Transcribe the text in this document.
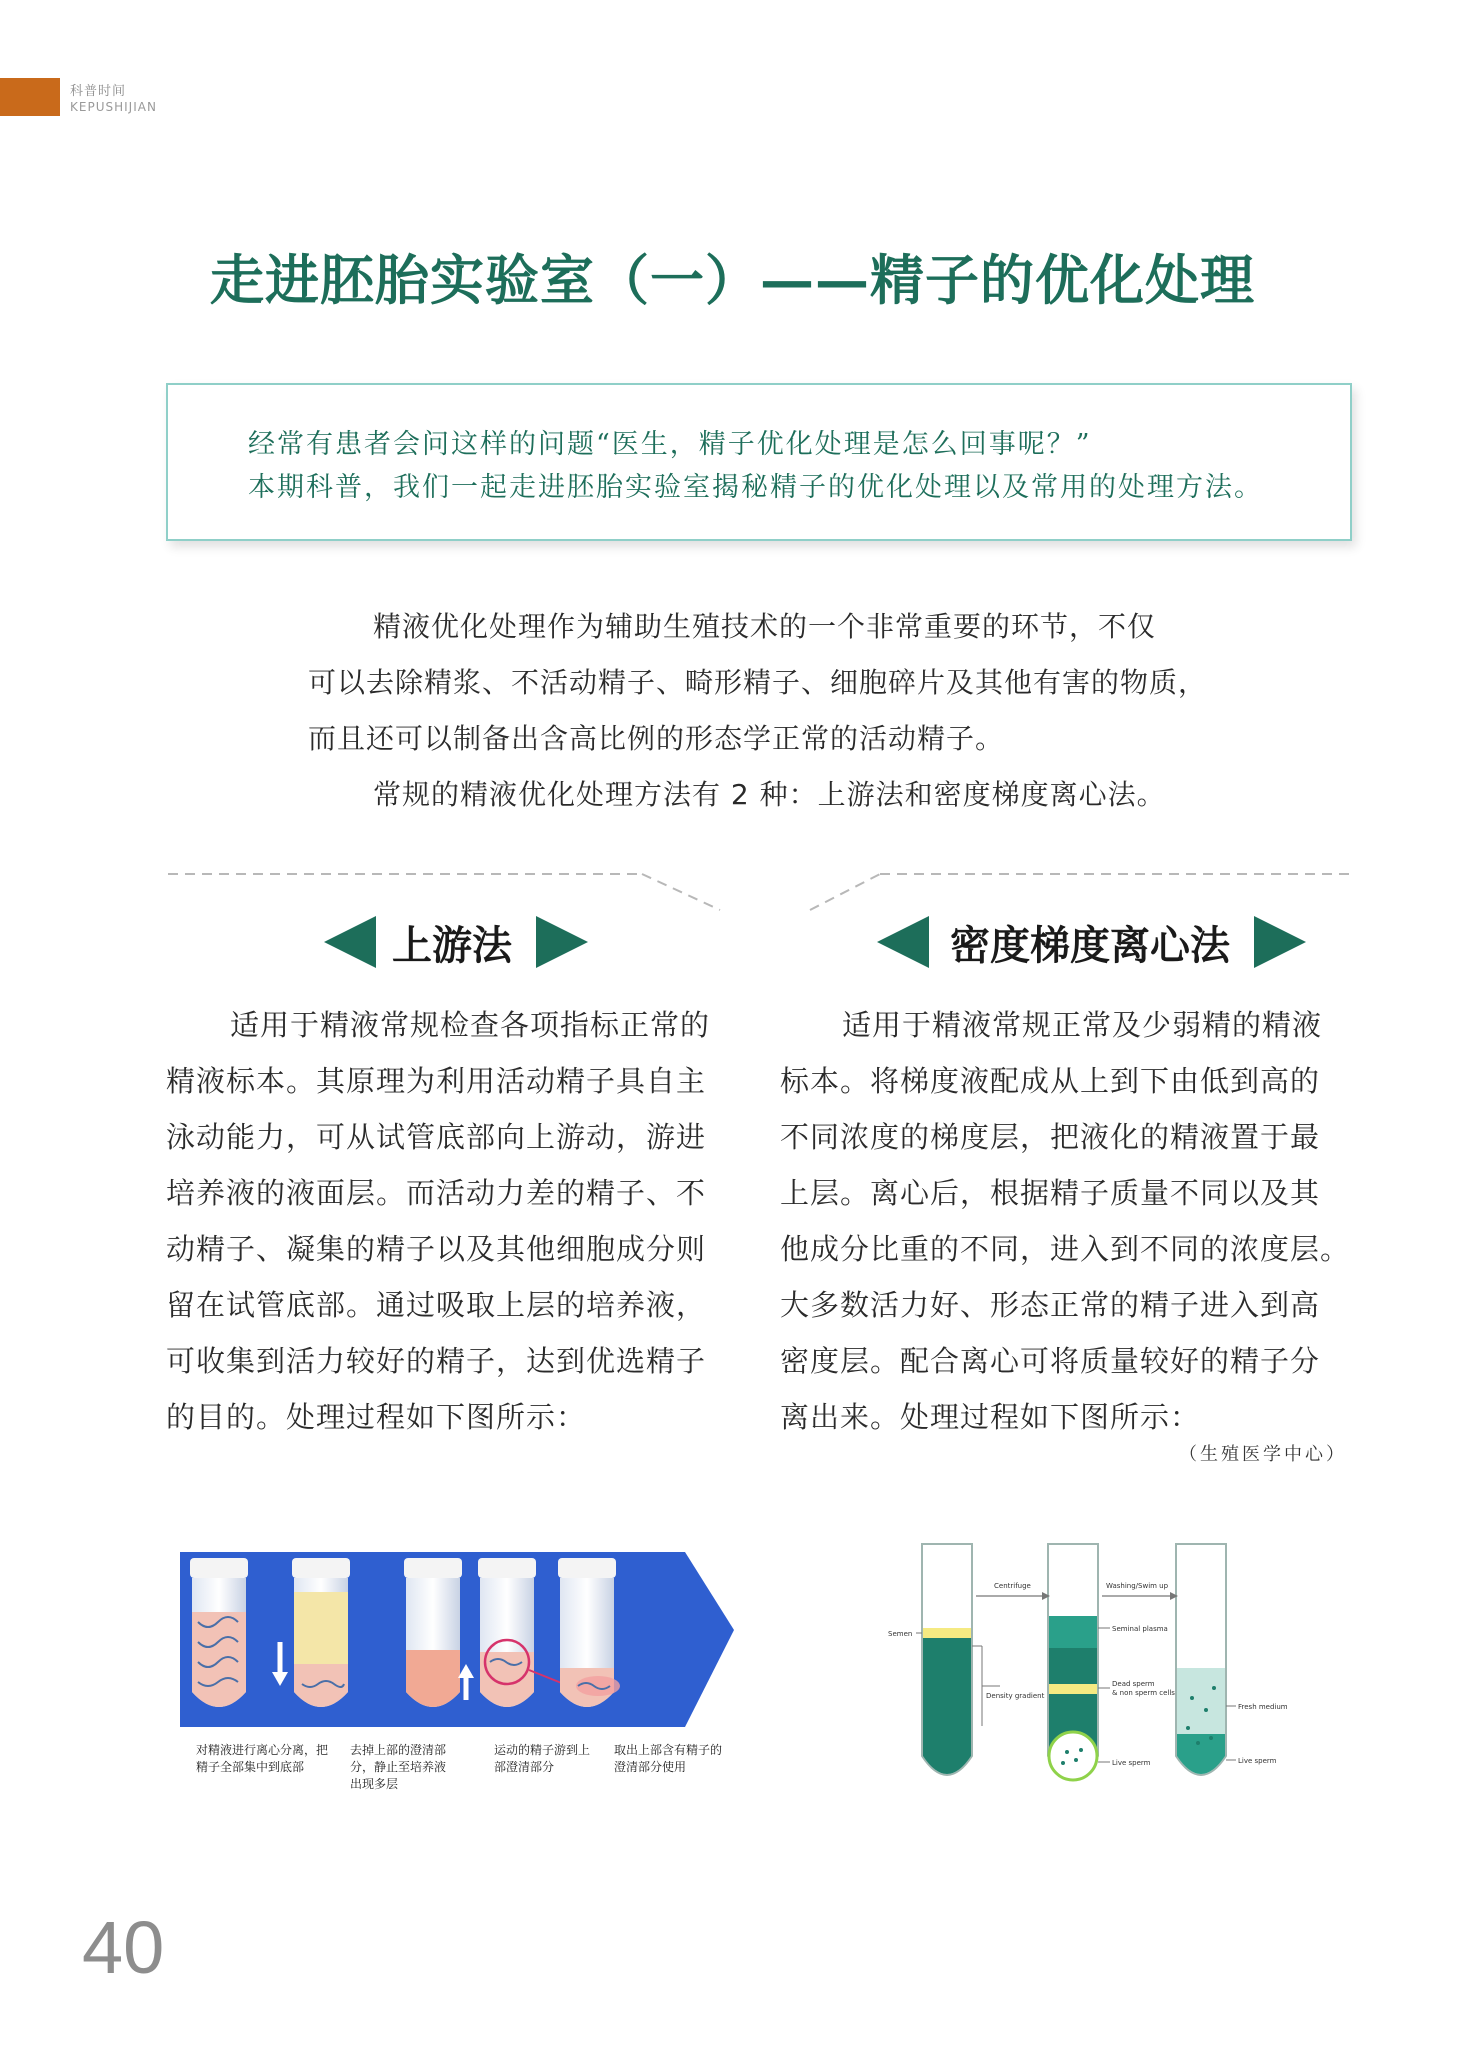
科普时间
KEPUSHIJIAN
走进胚胎实验室（一）——精子的优化处理
经常有患者会问这样的问题“医生，精子优化处理是怎么回事呢？”
本期科普，我们一起走进胚胎实验室揭秘精子的优化处理以及常用的处理方法。
精液优化处理作为辅助生殖技术的一个非常重要的环节，不仅
可以去除精浆、不活动精子、畸形精子、细胞碎片及其他有害的物质，
而且还可以制备出含高比例的形态学正常的活动精子。
常规的精液优化处理方法有 2 种：上游法和密度梯度离心法。
上游法	密度梯度离心法
适用于精液常规检查各项指标正常的
精液标本。其原理为利用活动精子具自主
泳动能力，可从试管底部向上游动，游进
培养液的液面层。而活动力差的精子、不
动精子、凝集的精子以及其他细胞成分则
留在试管底部。通过吸取上层的培养液，
可收集到活力较好的精子，达到优选精子
的目的。处理过程如下图所示：
适用于精液常规正常及少弱精的精液
标本。将梯度液配成从上到下由低到高的
不同浓度的梯度层，把液化的精液置于最
上层。离心后，根据精子质量不同以及其
他成分比重的不同，进入到不同的浓度层。
大多数活力好、形态正常的精子进入到高
密度层。配合离心可将质量较好的精子分
离出来。处理过程如下图所示：
（生殖医学中心）
对精液进行离心分离，把精子全部集中到底部
去掉上部的澄清部分，静止至培养液出现多层
运动的精子游到上部澄清部分
取出上部含有精子的澄清部分使用
Centrifuge	Washing/Swim up
Semen
Density gradient
Seminal plasma
Dead sperm
& non sperm cells
Live sperm
Fresh medium
Live sperm
40
